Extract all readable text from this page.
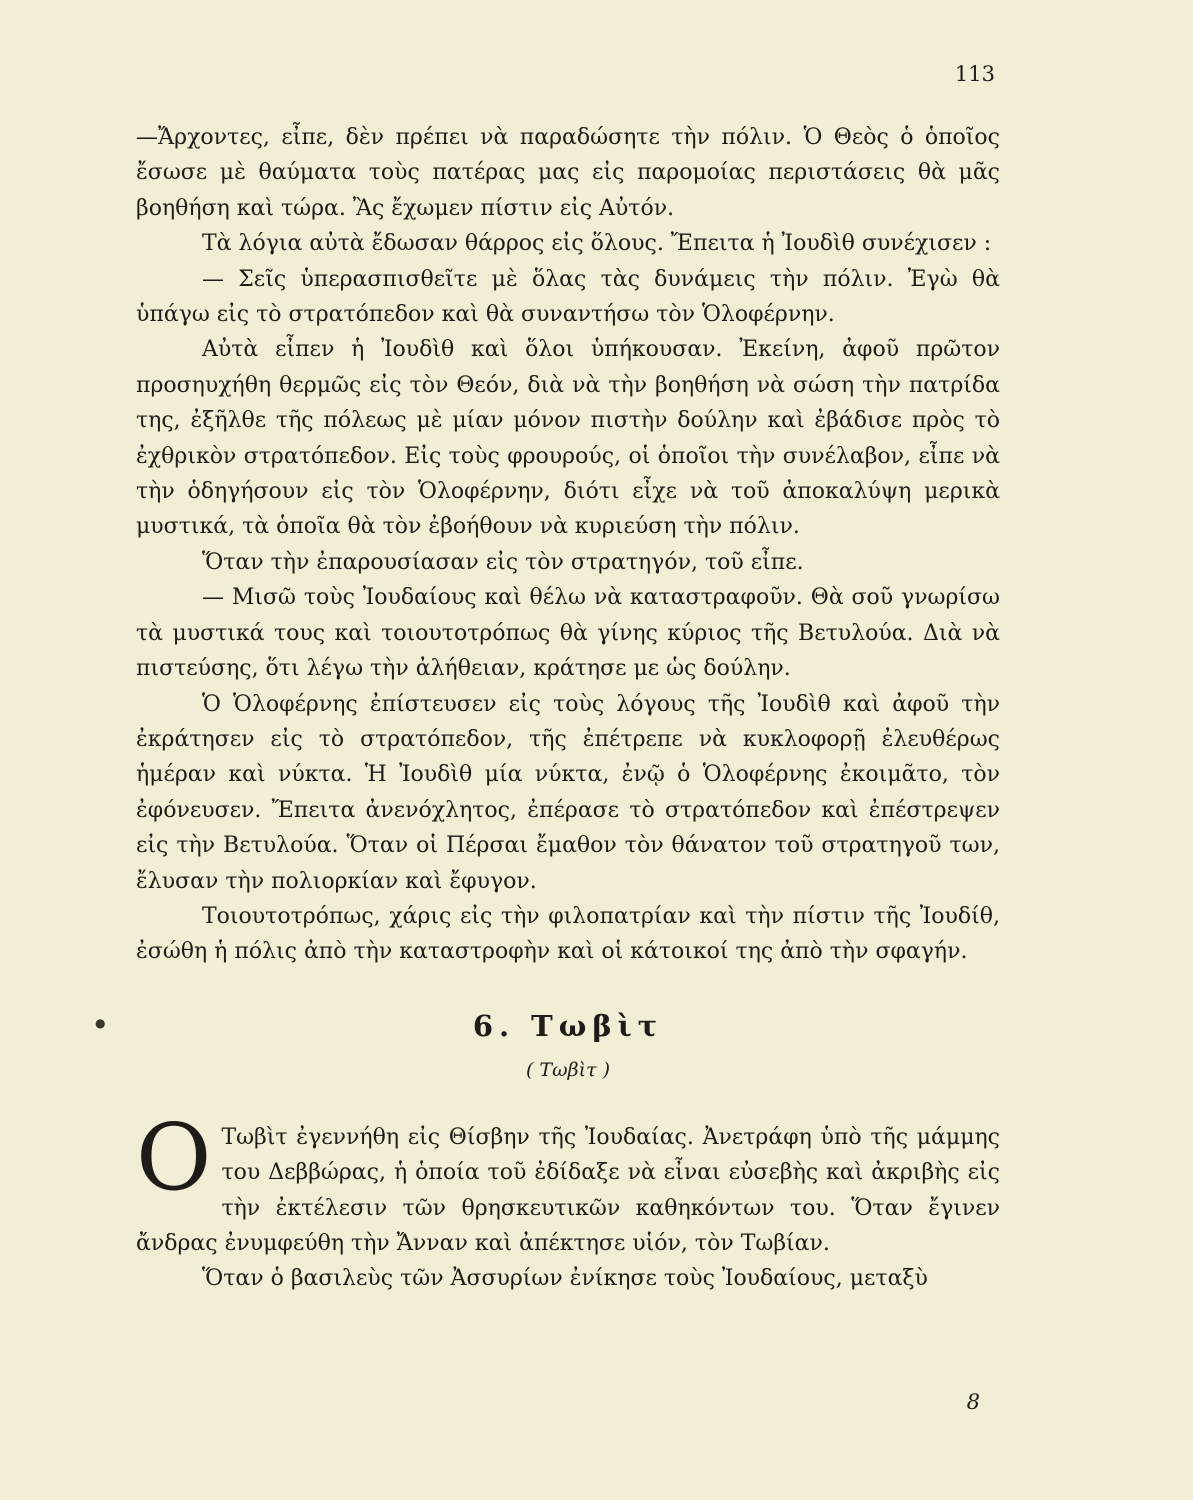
113

—Ἄρχοντες, εἶπε, δὲν πρέπει νὰ παραδώσητε τὴν πόλιν. Ὁ Θεὸς ὁ ὁποῖος ἔσωσε μὲ θαύματα τοὺς πατέρας μας εἰς παρομοίας περιστάσεις θὰ μᾶς βοηθήση καὶ τώρα. Ἂς ἔχωμεν πίστιν εἰς Αὐτόν.

Τὰ λόγια αὐτὰ ἔδωσαν θάρρος εἰς ὅλους. Ἔπειτα ἡ Ἰουδὶθ συνέχισεν :

— Σεῖς ὑπερασπισθεῖτε μὲ ὅλας τὰς δυνάμεις τὴν πόλιν. Ἐγὼ θὰ ὑπάγω εἰς τὸ στρατόπεδον καὶ θὰ συναντήσω τὸν Ὁλοφέρνην.

Αὐτὰ εἶπεν ἡ Ἰουδὶθ καὶ ὅλοι ὑπήκουσαν. Ἐκείνη, ἀφοῦ πρῶτον προσηυχήθη θερμῶς εἰς τὸν Θεόν, διὰ νὰ τὴν βοηθήση νὰ σώση τὴν πατρίδα της, ἐξῆλθε τῆς πόλεως μὲ μίαν μόνον πιστὴν δούλην καὶ ἐβάδισε πρὸς τὸ ἐχθρικὸν στρατόπεδον. Εἰς τοὺς φρουρούς, οἱ ὁποῖοι τὴν συνέλαβον, εἶπε νὰ τὴν ὁδηγήσουν εἰς τὸν Ὁλοφέρνην, διότι εἶχε νὰ τοῦ ἀποκαλύψη μερικὰ μυστικά, τὰ ὁποῖα θὰ τὸν ἐβοήθουν νὰ κυριεύση τὴν πόλιν.

Ὅταν τὴν ἐπαρουσίασαν εἰς τὸν στρατηγόν, τοῦ εἶπε.

— Μισῶ τοὺς Ἰουδαίους καὶ θέλω νὰ καταστραφοῦν. Θὰ σοῦ γνωρίσω τὰ μυστικά τους καὶ τοιουτοτρόπως θὰ γίνης κύριος τῆς Βετυλούα. Διὰ νὰ πιστεύσης, ὅτι λέγω τὴν ἀλήθειαν, κράτησε με ὡς δούλην.

Ὁ Ὁλοφέρνης ἐπίστευσεν εἰς τοὺς λόγους τῆς Ἰουδὶθ καὶ ἀφοῦ τὴν ἐκράτησεν εἰς τὸ στρατόπεδον, τῆς ἐπέτρεπε νὰ κυκλοφορῇ ἐλευθέρως ἡμέραν καὶ νύκτα. Ἡ Ἰουδὶθ μία νύκτα, ἐνῷ ὁ Ὁλοφέρνης ἐκοιμᾶτο, τὸν ἐφόνευσεν. Ἔπειτα ἀνενόχλητος, ἐπέρασε τὸ στρατόπεδον καὶ ἐπέστρεψεν εἰς τὴν Βετυλούα. Ὅταν οἱ Πέρσαι ἔμαθον τὸν θάνατον τοῦ στρατηγοῦ των, ἔλυσαν τὴν πολιορκίαν καὶ ἔφυγον.

Τοιουτοτρόπως, χάρις εἰς τὴν φιλοπατρίαν καὶ τὴν πίστιν τῆς Ἰουδίθ, ἐσώθη ἡ πόλις ἀπὸ τὴν καταστροφὴν καὶ οἱ κάτοικοί της ἀπὸ τὴν σφαγήν.

6. Τωβὶτ
( Τωβὶτ )

Ο Τωβὶτ ἐγεννήθη εἰς Θίσβην τῆς Ἰουδαίας. Ἀνετράφη ὑπὸ τῆς μάμμης του Δεββώρας, ἡ ὁποία τοῦ ἐδίδαξε νὰ εἶναι εὐσεβὴς καὶ ἀκριβὴς εἰς τὴν ἐκτέλεσιν τῶν θρησκευτικῶν καθηκόντων του. Ὅταν ἔγινεν ἄνδρας ἐνυμφεύθη τὴν Ἄνναν καὶ ἀπέκτησε υἱόν, τὸν Τωβίαν.

Ὅταν ὁ βασιλεὺς τῶν Ἀσσυρίων ἐνίκησε τοὺς Ἰουδαίους, μεταξὺ

●
8
